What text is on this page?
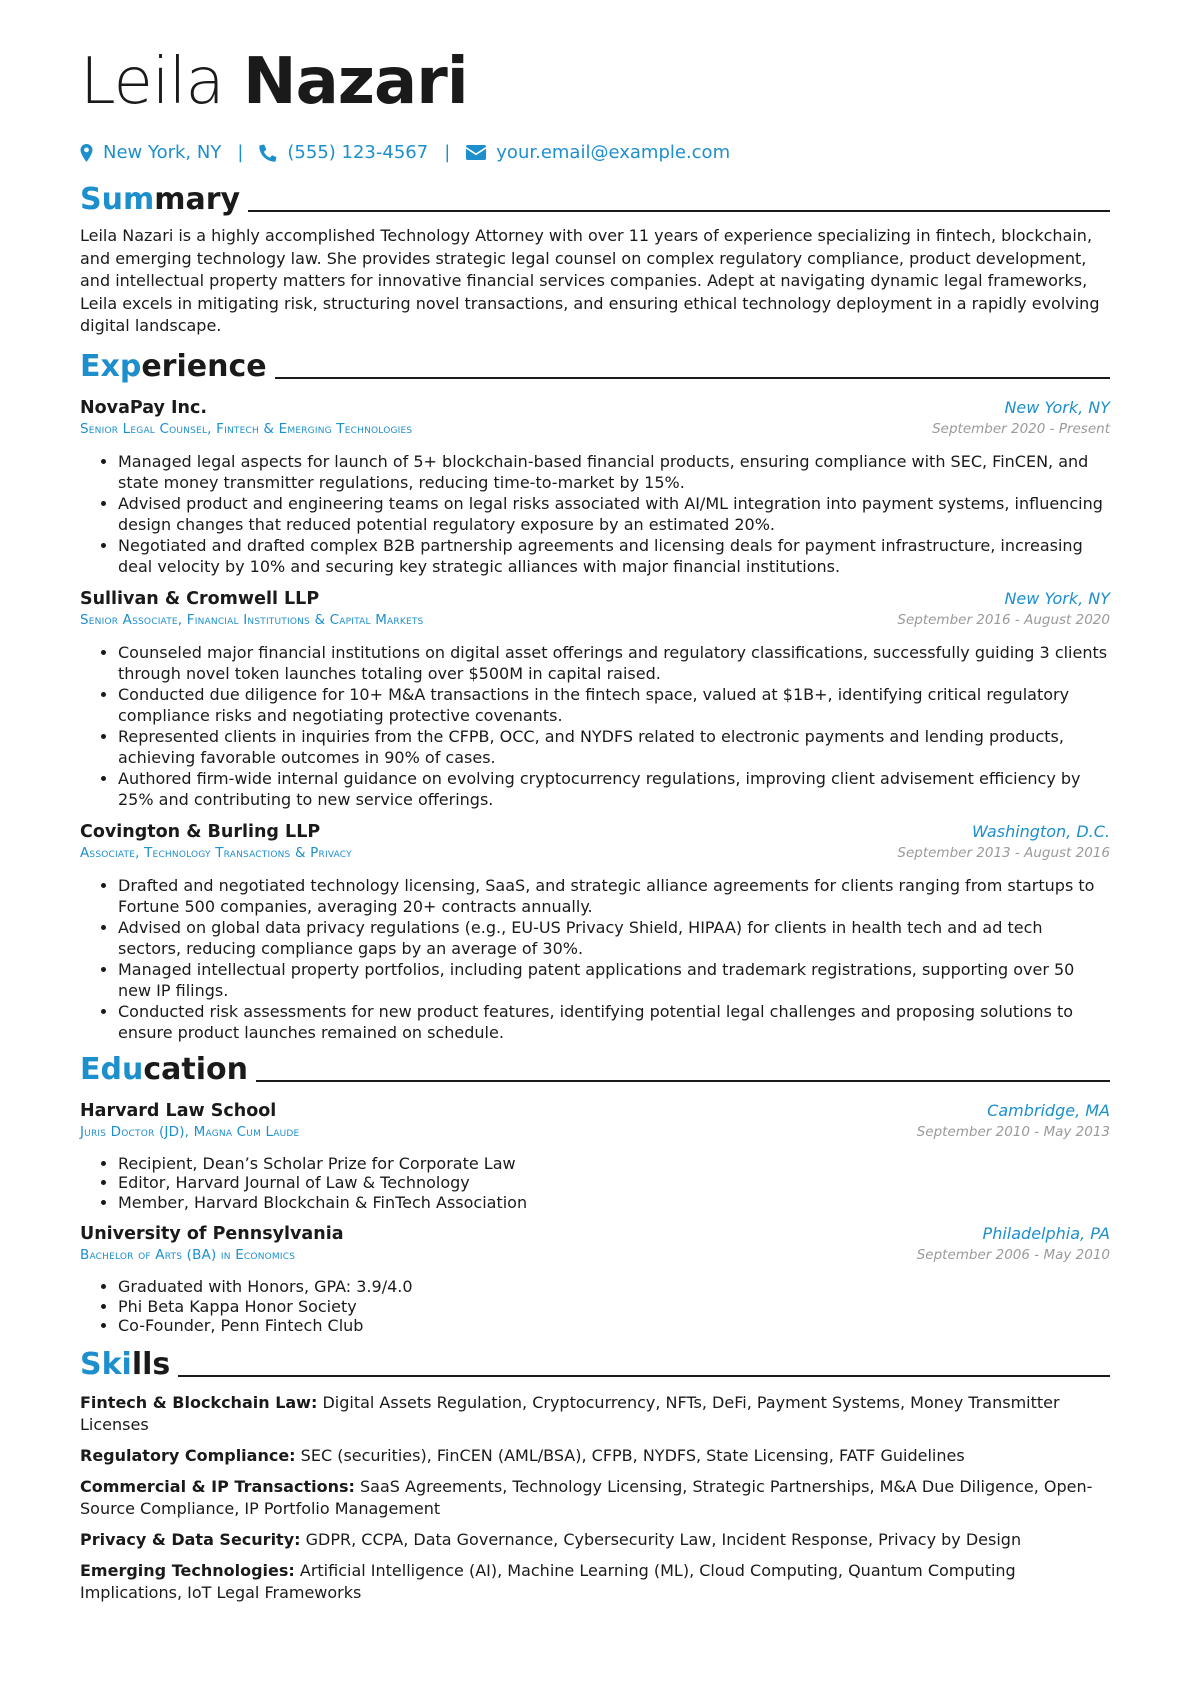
Leila Nazari
New York, NY | (555) 123-4567 |	your.email@example.com
Summary
Leila Nazari is a highly accomplished Technology Attorney with over 11 years of experience specializing in fintech, blockchain, and emerging technology law. She provides strategic legal counsel on complex regulatory compliance, product development, and intellectual property matters for innovative financial services companies. Adept at navigating dynamic legal frameworks, Leila excels in mitigating risk, structuring novel transactions, and ensuring ethical technology deployment in a rapidly evolving digital landscape.
Experience
NovaPay Inc.	New York, NY
Senior Legal Counsel, Fintech & Emerging Technologies	September 2020 - Present
• Managed legal aspects for launch of 5+ blockchain-based financial products, ensuring compliance with SEC, FinCEN, and state money transmitter regulations, reducing time-to-market by 15%.
• Advised product and engineering teams on legal risks associated with AI/ML integration into payment systems, influencing design changes that reduced potential regulatory exposure by an estimated 20%.
• Negotiated and drafted complex B2B partnership agreements and licensing deals for payment infrastructure, increasing deal velocity by 10% and securing key strategic alliances with major financial institutions.
Sullivan & Cromwell LLP	New York, NY
Senior Associate, Financial Institutions & Capital Markets	September 2016 - August 2020
• Counseled major financial institutions on digital asset offerings and regulatory classifications, successfully guiding 3 clients through novel token launches totaling over $500M in capital raised.
• Conducted due diligence for 10+ M&A transactions in the fintech space, valued at $1B+, identifying critical regulatory compliance risks and negotiating protective covenants.
• Represented clients in inquiries from the CFPB, OCC, and NYDFS related to electronic payments and lending products, achieving favorable outcomes in 90% of cases.
• Authored firm-wide internal guidance on evolving cryptocurrency regulations, improving client advisement efficiency by 25% and contributing to new service offerings.
Covington & Burling LLP	Washington, D.C.
Associate, Technology Transactions & Privacy	September 2013 - August 2016
• Drafted and negotiated technology licensing, SaaS, and strategic alliance agreements for clients ranging from startups to Fortune 500 companies, averaging 20+ contracts annually.
• Advised on global data privacy regulations (e.g., EU-US Privacy Shield, HIPAA) for clients in health tech and ad tech sectors, reducing compliance gaps by an average of 30%.
• Managed intellectual property portfolios, including patent applications and trademark registrations, supporting over 50 new IP filings.
• Conducted risk assessments for new product features, identifying potential legal challenges and proposing solutions to ensure product launches remained on schedule.
Education
Harvard Law School	Cambridge, MA
Juris Doctor (JD), Magna Cum Laude	September 2010 - May 2013
• Recipient, Dean’s Scholar Prize for Corporate Law
• Editor, Harvard Journal of Law & Technology
• Member, Harvard Blockchain & FinTech Association
University of Pennsylvania	Philadelphia, PA
Bachelor of Arts (BA) in Economics	September 2006 - May 2010
• Graduated with Honors, GPA: 3.9/4.0
• Phi Beta Kappa Honor Society
• Co-Founder, Penn Fintech Club
Skills
Fintech & Blockchain Law: Digital Assets Regulation, Cryptocurrency, NFTs, DeFi, Payment Systems, Money Transmitter Licenses
Regulatory Compliance: SEC (securities), FinCEN (AML/BSA), CFPB, NYDFS, State Licensing, FATF Guidelines
Commercial & IP Transactions: SaaS Agreements, Technology Licensing, Strategic Partnerships, M&A Due Diligence, Open-Source Compliance, IP Portfolio Management
Privacy & Data Security: GDPR, CCPA, Data Governance, Cybersecurity Law, Incident Response, Privacy by Design
Emerging Technologies: Artificial Intelligence (AI), Machine Learning (ML), Cloud Computing, Quantum Computing Implications, IoT Legal Frameworks
